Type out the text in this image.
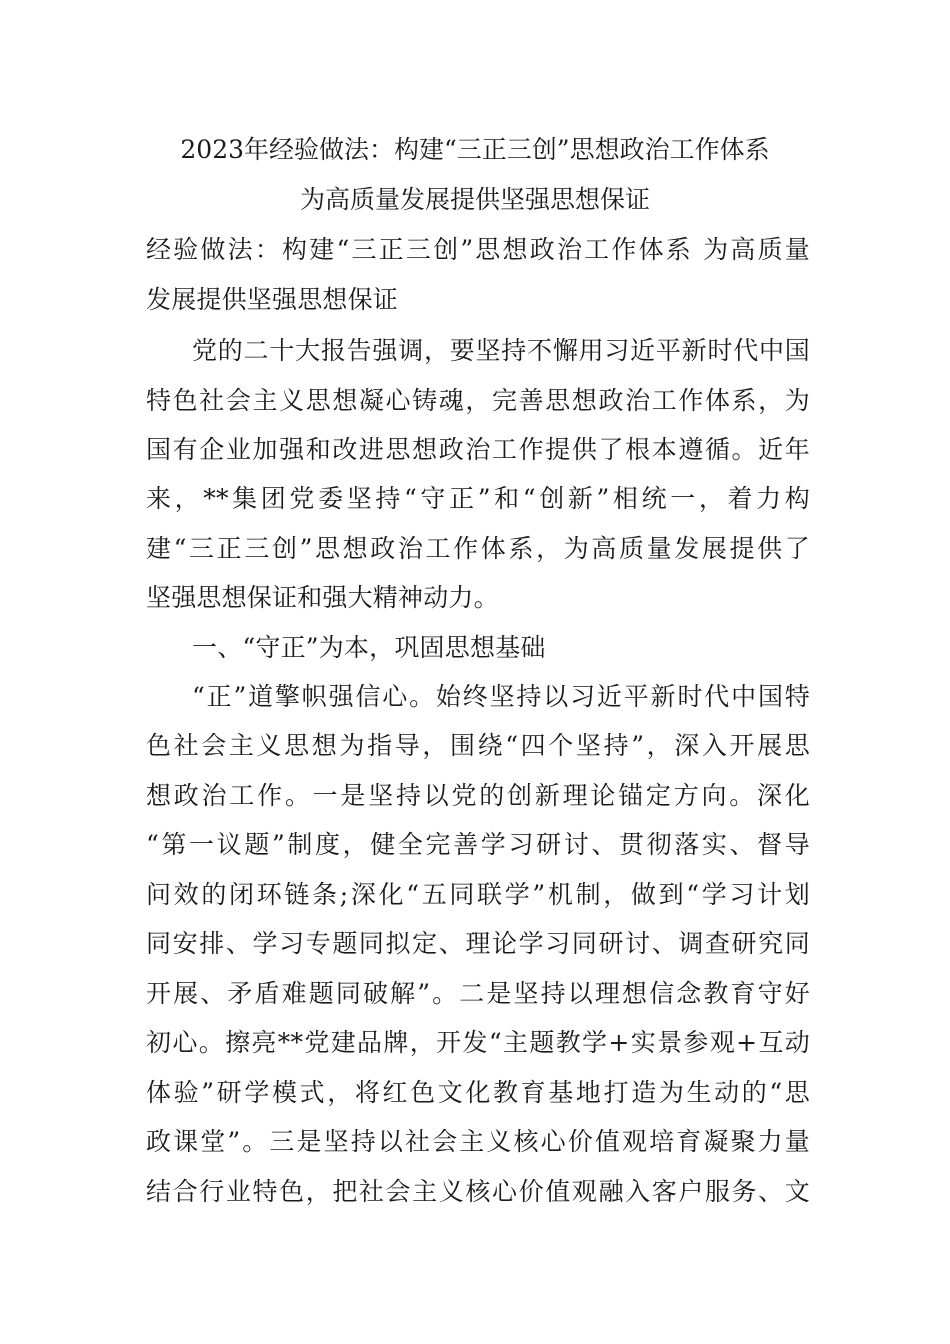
2023年经验做法：构建“三正三创”思想政治工作体系
为高质量发展提供坚强思想保证
经验做法：构建“三正三创”思想政治工作体系 为高质量
发展提供坚强思想保证
党的二十大报告强调，要坚持不懈用习近平新时代中国
特色社会主义思想凝心铸魂，完善思想政治工作体系，为
国有企业加强和改进思想政治工作提供了根本遵循。近年
来，**集团党委坚持“守正”和“创新”相统一，着力构
建“三正三创”思想政治工作体系，为高质量发展提供了
坚强思想保证和强大精神动力。
一、“守正”为本，巩固思想基础
“正”道擎帜强信心。始终坚持以习近平新时代中国特
色社会主义思想为指导，围绕“四个坚持”，深入开展思
想政治工作。一是坚持以党的创新理论锚定方向。深化
“第一议题”制度，健全完善学习研讨、贯彻落实、督导
问效的闭环链条;深化“五同联学”机制，做到“学习计划
同安排、学习专题同拟定、理论学习同研讨、调查研究同
开展、矛盾难题同破解”。二是坚持以理想信念教育守好
初心。擦亮**党建品牌，开发“主题教学+实景参观+互动
体验”研学模式，将红色文化教育基地打造为生动的“思
政课堂”。三是坚持以社会主义核心价值观培育凝聚力量
结合行业特色，把社会主义核心价值观融入客户服务、文
